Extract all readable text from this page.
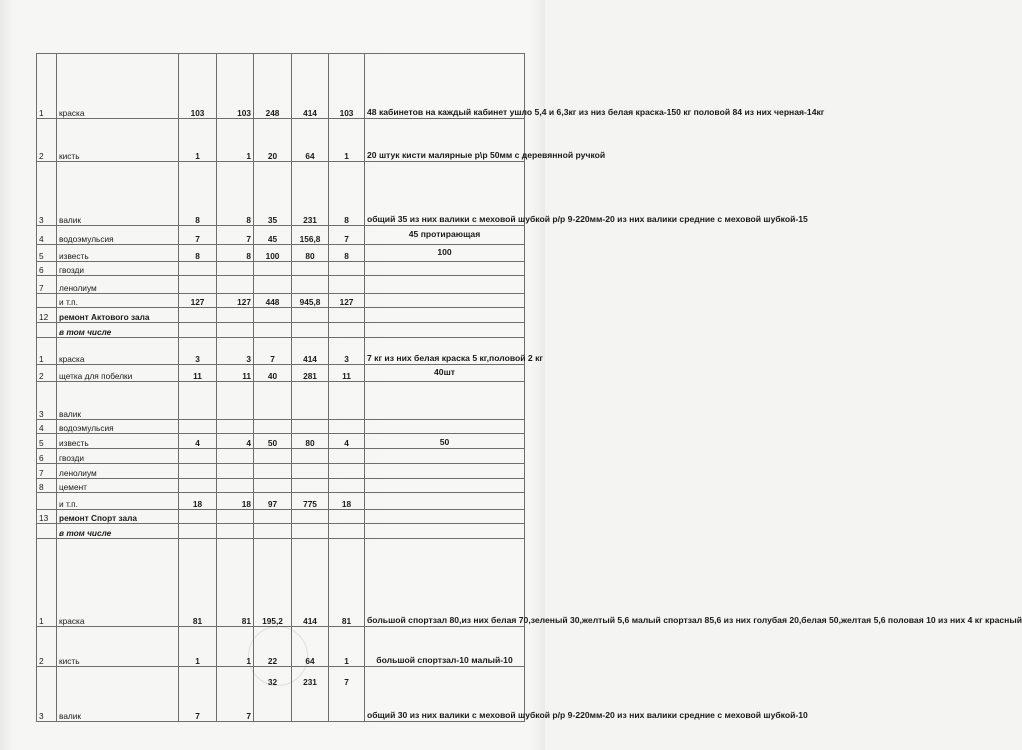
1	краска	103	103	248	414	103	48 кабинетов на каждый кабинет ушло 5,4 и 6,3кг из низ белая краска-150 кг половой 84 из них черная-14кг
2	кисть	1	1	20	64	1	20 штук кисти малярные р\р 50мм с деревянной ручкой
3	валик	8	8	35	231	8	общий 35 из них валики с меховой шубкой р/р 9-220мм-20 из них валики средние с меховой шубкой-15
4	водоэмульсия	7	7	45	156,8	7	45 протирающая
5	известь	8	8	100	80	8	100
6	гвозди						
7	ленолиум						
	и т.п.	127	127	448	945,8	127	
12	ремонт Актового зала						
	в том числе						
1	краска	3	3	7	414	3	7 кг из них белая краска 5 кг,половой 2 кг
2	щетка для побелки	11	11	40	281	11	40шт
3	валик						
4	водоэмульсия						
5	известь	4	4	50	80	4	50
6	гвозди						
7	ленолиум						
8	цемент						
	и т.п.	18	18	97	775	18	
13	ремонт Спорт зала						
	в том числе						
1	краска	81	81	195,2	414	81	большой спортзал 80,из них белая 70,зеленый 30,желтый 5,6 малый спортзал 85,6 из них голубая 20,белая 50,желтая 5,6 половая 10 из них 4 кг красный
2	кисть	1	1	22	64	1	большой спортзал-10 малый-10
3	валик	7	7	32	231	7	общий 30 из них валики с меховой шубкой р/р 9-220мм-20 из них валики средние с меховой шубкой-10
